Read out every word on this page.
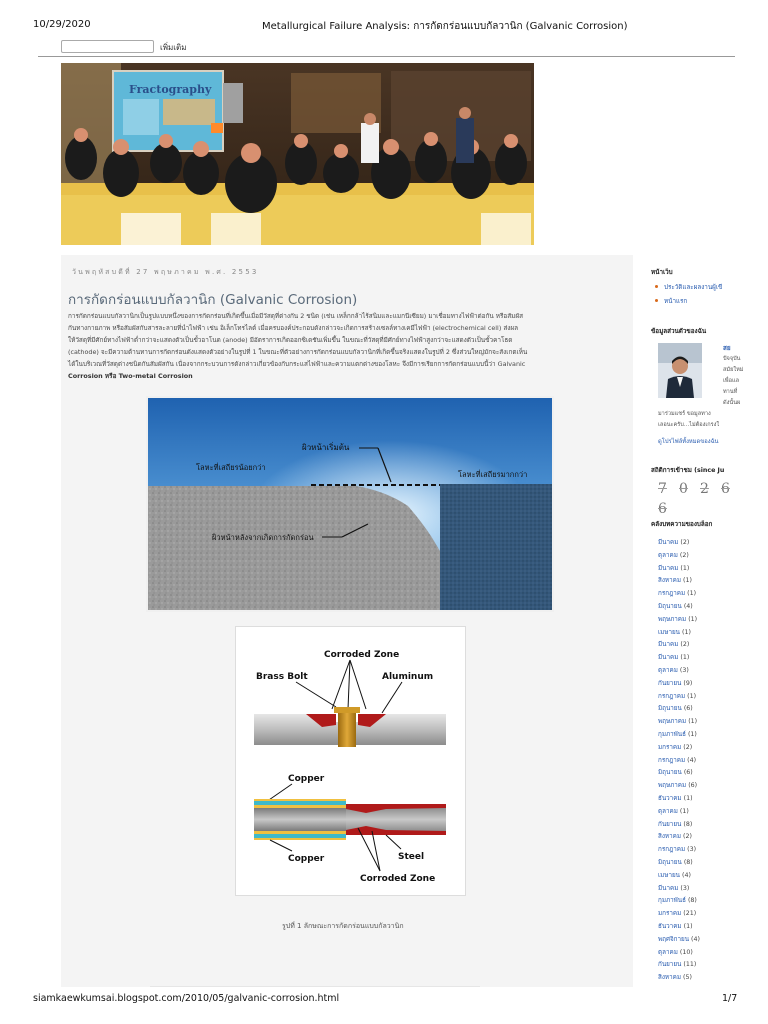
10/29/2020	Metallurgical Failure Analysis: การกัดกร่อนแบบกัลวานิก (Galvanic Corrosion)
เพิ่มเติม
Fractography
วันพฤหัสบดีที่ 27 พฤษภาคม พ.ศ. 2553
การกัดกร่อนแบบกัลวานิก (Galvanic Corrosion)
การกัดกร่อนแบบกัลวานิกเป็นรูปแบบหนึ่งของการกัดกร่อนที่เกิดขึ้นเมื่อมีวัสดุที่ต่างกัน 2 ชนิด (เช่น เหล็กกล้าไร้สนิมและแมกนีเซียม) มาเชื่อมทางไฟฟ้าต่อกัน หรือสัมผัส
กันทางกายภาพ หรือสัมผัสกับสารละลายที่นำไฟฟ้า เช่น อิเล็กโทรไลต์ เมื่อครบองค์ประกอบดังกล่าวจะเกิดการสร้างเซลล์ทางเคมีไฟฟ้า (electrochemical cell) ส่งผล
ให้วัสดุที่มีศักย์ทางไฟฟ้าต่ำกว่าจะแสดงตัวเป็นขั้วอาโนด (anode) มีอัตราการเกิดออกซิเดชันเพิ่มขึ้น ในขณะที่วัสดุที่มีศักย์ทางไฟฟ้าสูงกว่าจะแสดงตัวเป็นขั้วคาโธด
(cathode) จะมีความต้านทานการกัดกร่อนดังแสดงตัวอย่างในรูปที่ 1 ในขณะที่ตัวอย่างการกัดกร่อนแบบกัลวานิกที่เกิดขึ้นจริงแสดงในรูปที่ 2 ซึ่งส่วนใหญ่มักจะสังเกตเห็น
ได้ในบริเวณที่วัสดุต่างชนิดกันสัมผัสกัน เนื่องจากกระบวนการดังกล่าวเกี่ยวข้องกับกระแสไฟฟ้าและความแตกต่างของโลหะ จึงมีการเรียกการกัดกร่อนแบบนี้ว่า Galvanic
Corrosion หรือ Two-metal Corrosion
ผิวหน้าเริ่มต้น
โลหะที่เสถียรน้อยกว่า
โลหะที่เสถียรมากกว่า
ผิวหน้าหลังจากเกิดการกัดกร่อน
Corroded Zone
Brass Bolt	Aluminum
Copper
Copper	Steel
Corroded Zone
รูปที่ 1 ลักษณะการกัดกร่อนแบบกัลวานิก
หน้าเว็บ
ประวัติและผลงานผู้เขี
หน้าแรก
ข้อมูลส่วนตัวของฉัน
สย
ปัจจุบัน
สมัยใหม่
เพื่อแล
ทานที่
ดังนั้นผ
มาร่วมแชร์ ขอมูลทาง
เลอนะครับ...ไม่ต้องเกรงใ
ดูโปรไฟล์ทั้งหมดของฉัน
สถิติการเข้าชม (since Ju
7 0 2 6
6
คลังบทความของบล็อก
มีนาคม (2)
ตุลาคม (2)
มีนาคม (1)
สิงหาคม (1)
กรกฎาคม (1)
มิถุนายน (4)
พฤษภาคม (1)
เมษายน (1)
มีนาคม (2)
มีนาคม (1)
ตุลาคม (3)
กันยายน (9)
กรกฎาคม (1)
มิถุนายน (6)
พฤษภาคม (1)
กุมภาพันธ์ (1)
มกราคม (2)
กรกฎาคม (4)
มิถุนายน (6)
พฤษภาคม (6)
ธันวาคม (1)
ตุลาคม (1)
กันยายน (8)
สิงหาคม (2)
กรกฎาคม (3)
มิถุนายน (8)
เมษายน (4)
มีนาคม (3)
กุมภาพันธ์ (8)
มกราคม (21)
ธันวาคม (1)
พฤศจิกายน (4)
ตุลาคม (10)
กันยายน (11)
สิงหาคม (5)
siamkaewkumsai.blogspot.com/2010/05/galvanic-corrosion.html	1/7
